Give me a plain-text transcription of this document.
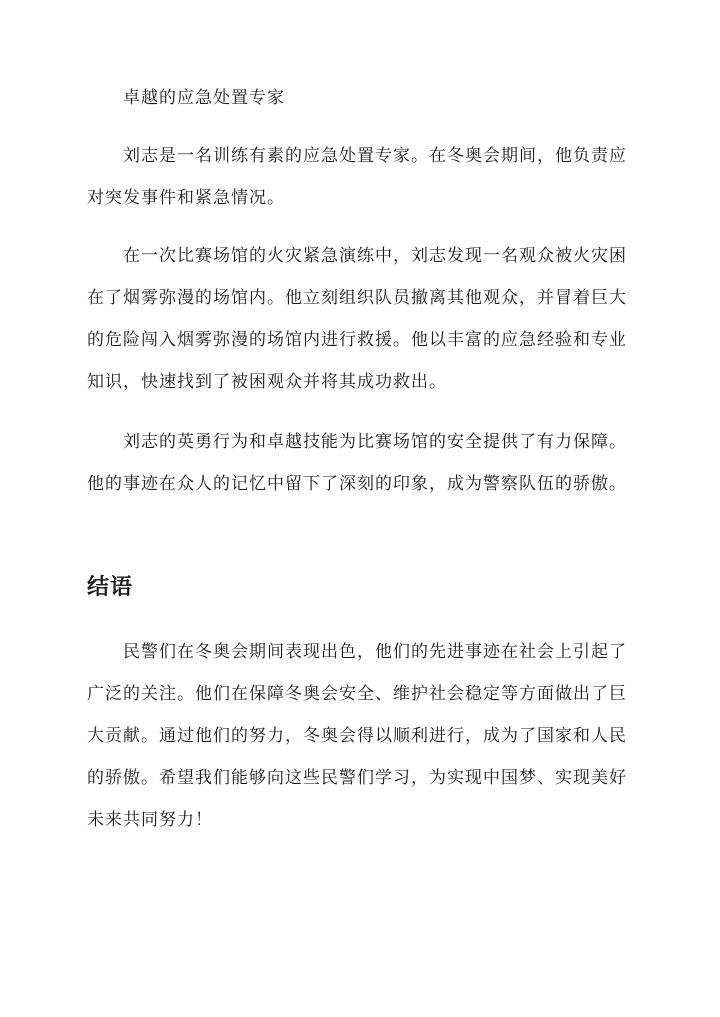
卓越的应急处置专家

刘志是一名训练有素的应急处置专家。在冬奥会期间，他负责应对突发事件和紧急情况。

在一次比赛场馆的火灾紧急演练中，刘志发现一名观众被火灾困在了烟雾弥漫的场馆内。他立刻组织队员撤离其他观众，并冒着巨大的危险闯入烟雾弥漫的场馆内进行救援。他以丰富的应急经验和专业知识，快速找到了被困观众并将其成功救出。

刘志的英勇行为和卓越技能为比赛场馆的安全提供了有力保障。他的事迹在众人的记忆中留下了深刻的印象，成为警察队伍的骄傲。

结语

民警们在冬奥会期间表现出色，他们的先进事迹在社会上引起了广泛的关注。他们在保障冬奥会安全、维护社会稳定等方面做出了巨大贡献。通过他们的努力，冬奥会得以顺利进行，成为了国家和人民的骄傲。希望我们能够向这些民警们学习，为实现中国梦、实现美好未来共同努力！
